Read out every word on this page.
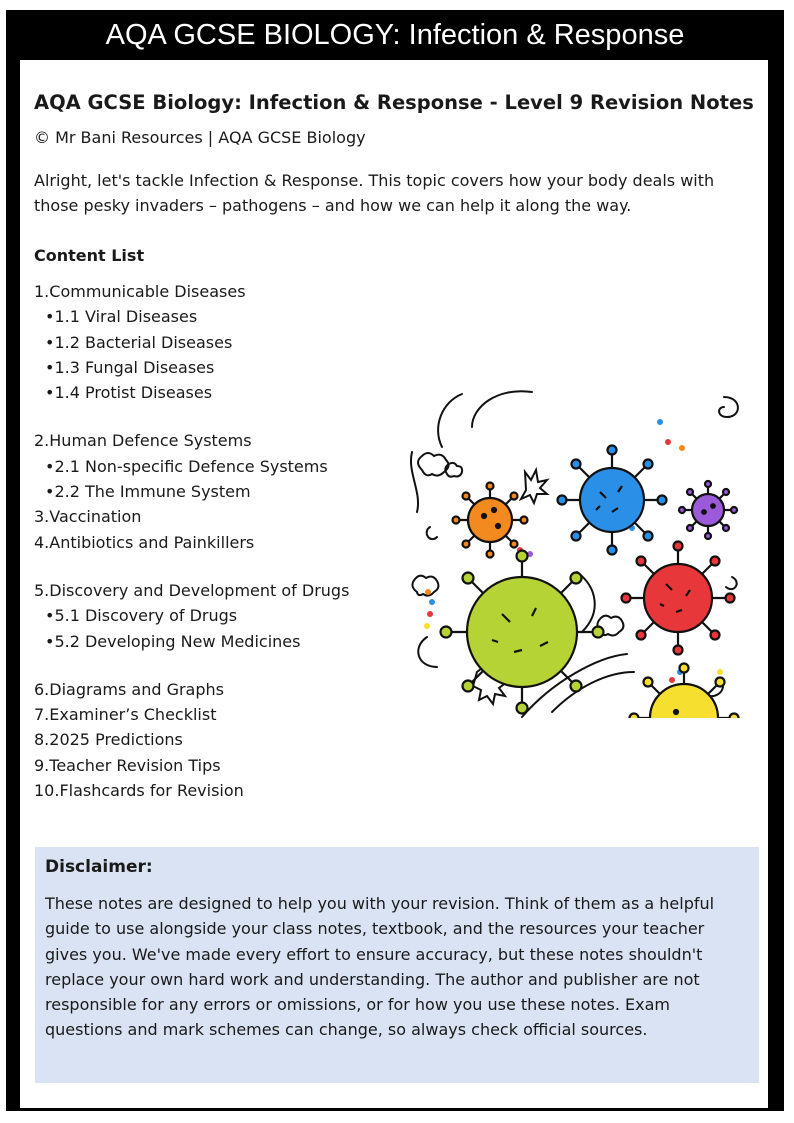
AQA GCSE BIOLOGY: Infection & Response
AQA GCSE Biology: Infection & Response - Level 9 Revision Notes

© Mr Bani Resources | AQA GCSE Biology

Alright, let's tackle Infection & Response. This topic covers how your body deals with those pesky invaders – pathogens – and how we can help it along the way.

Content List
1.Communicable Diseases
•1.1 Viral Diseases
•1.2 Bacterial Diseases
•1.3 Fungal Diseases
•1.4 Protist Diseases
2.Human Defence Systems
•2.1 Non-specific Defence Systems
•2.2 The Immune System
3.Vaccination
4.Antibiotics and Painkillers
5.Discovery and Development of Drugs
•5.1 Discovery of Drugs
•5.2 Developing New Medicines
6.Diagrams and Graphs
7.Examiner’s Checklist
8.2025 Predictions
9.Teacher Revision Tips
10.Flashcards for Revision
Disclaimer:

These notes are designed to help you with your revision. Think of them as a helpful guide to use alongside your class notes, textbook, and the resources your teacher gives you. We've made every effort to ensure accuracy, but these notes shouldn't replace your own hard work and understanding. The author and publisher are not responsible for any errors or omissions, or for how you use these notes. Exam questions and mark schemes can change, so always check official sources.
